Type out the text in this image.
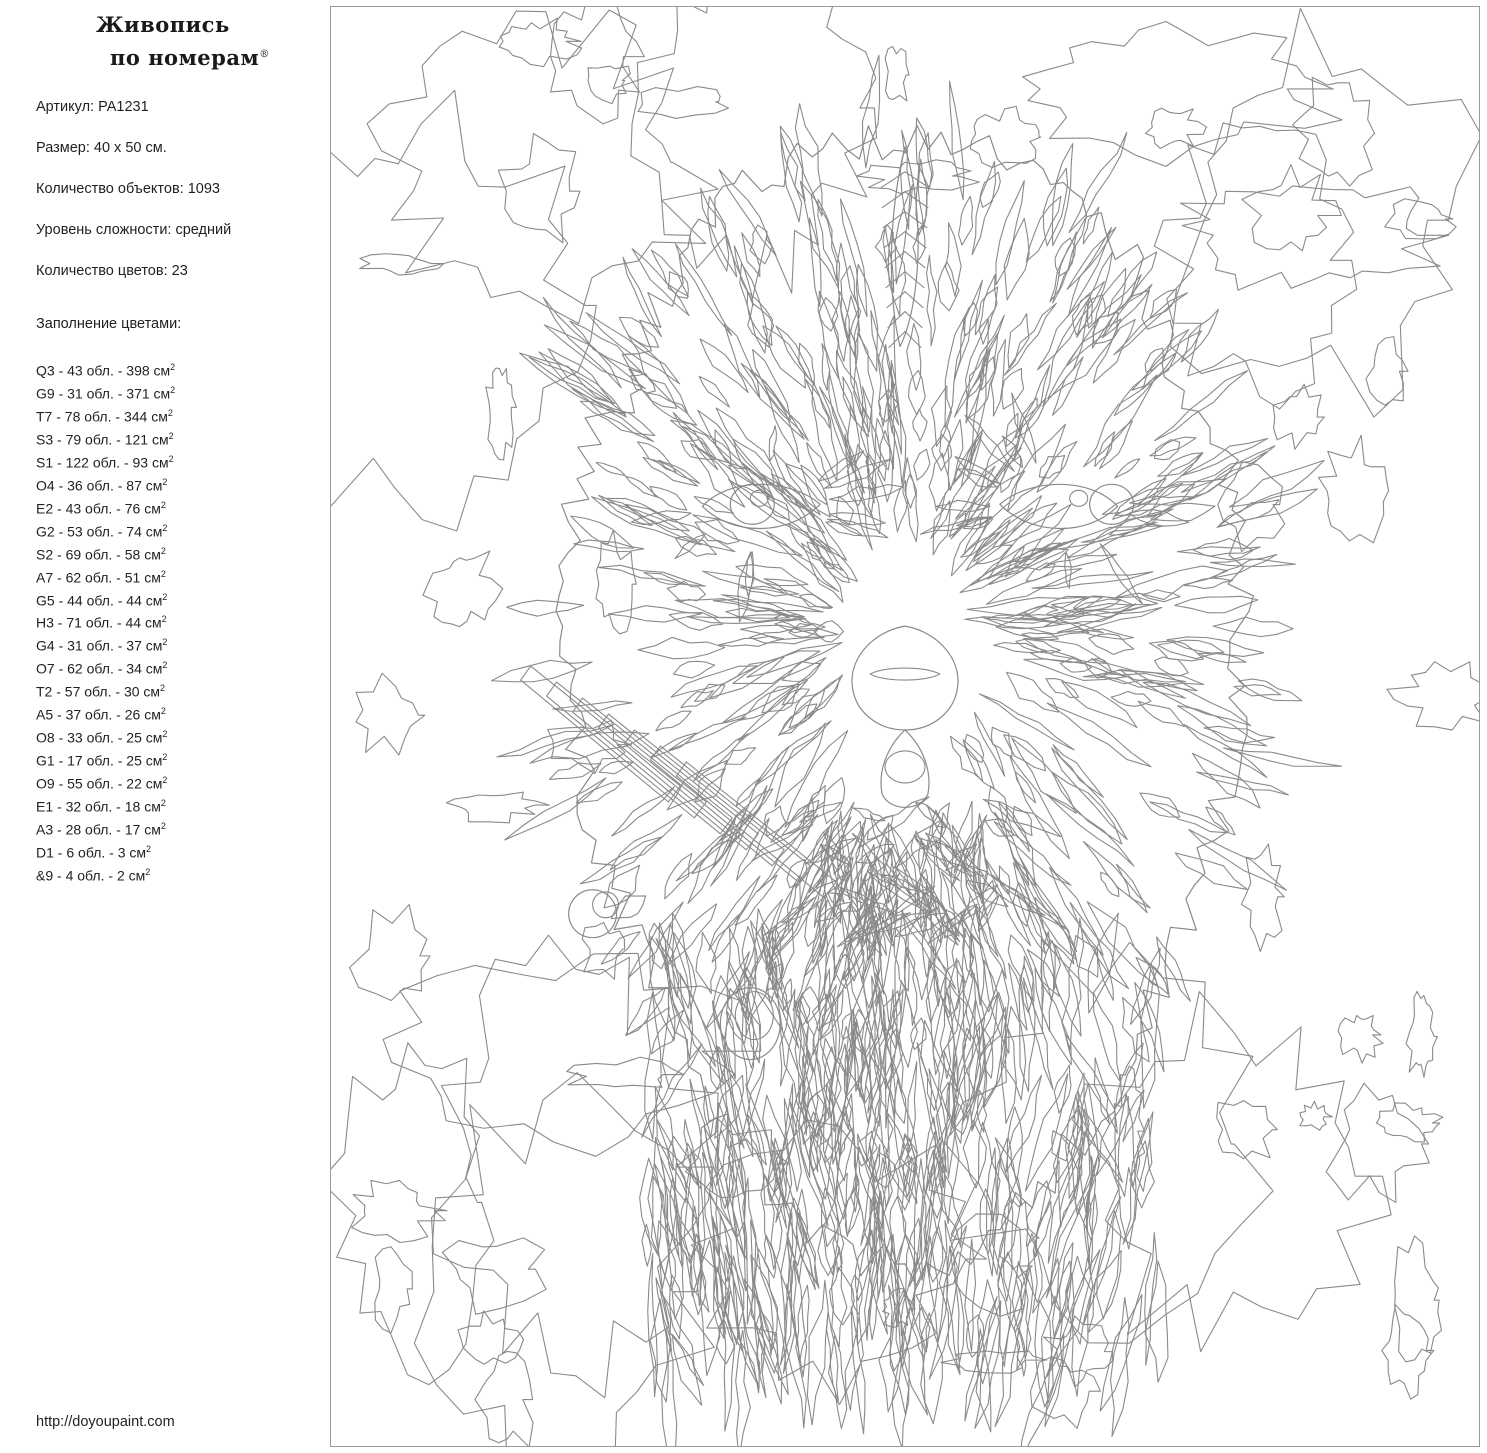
Живопись
по номерам®
Артикул: PA1231
Размер: 40 x 50 см.
Количество объектов: 1093
Уровень сложности: средний
Количество цветов: 23
Заполнение цветами:
Q3 - 43 обл. - 398 $см^2$
G9 - 31 обл. - 371 $см^2$
T7 - 78 обл. - 344 $см^2$
S3 - 79 обл. - 121 $см^2$
S1 - 122 обл. - 93 $см^2$
O4 - 36 обл. - 87 $см^2$
E2 - 43 обл. - 76 $см^2$
G2 - 53 обл. - 74 $см^2$
S2 - 69 обл. - 58 $см^2$
A7 - 62 обл. - 51 $см^2$
G5 - 44 обл. - 44 $см^2$
H3 - 71 обл. - 44 $см^2$
G4 - 31 обл. - 37 $см^2$
O7 - 62 обл. - 34 $см^2$
T2 - 57 обл. - 30 $см^2$
A5 - 37 обл. - 26 $см^2$
O8 - 33 обл. - 25 $см^2$
G1 - 17 обл. - 25 $см^2$
O9 - 55 обл. - 22 $см^2$
E1 - 32 обл. - 18 $см^2$
A3 - 28 обл. - 17 $см^2$
D1 - 6 обл. - 3 $см^2$
&9 - 4 обл. - 2 $см^2$
http://doyoupaint.com
